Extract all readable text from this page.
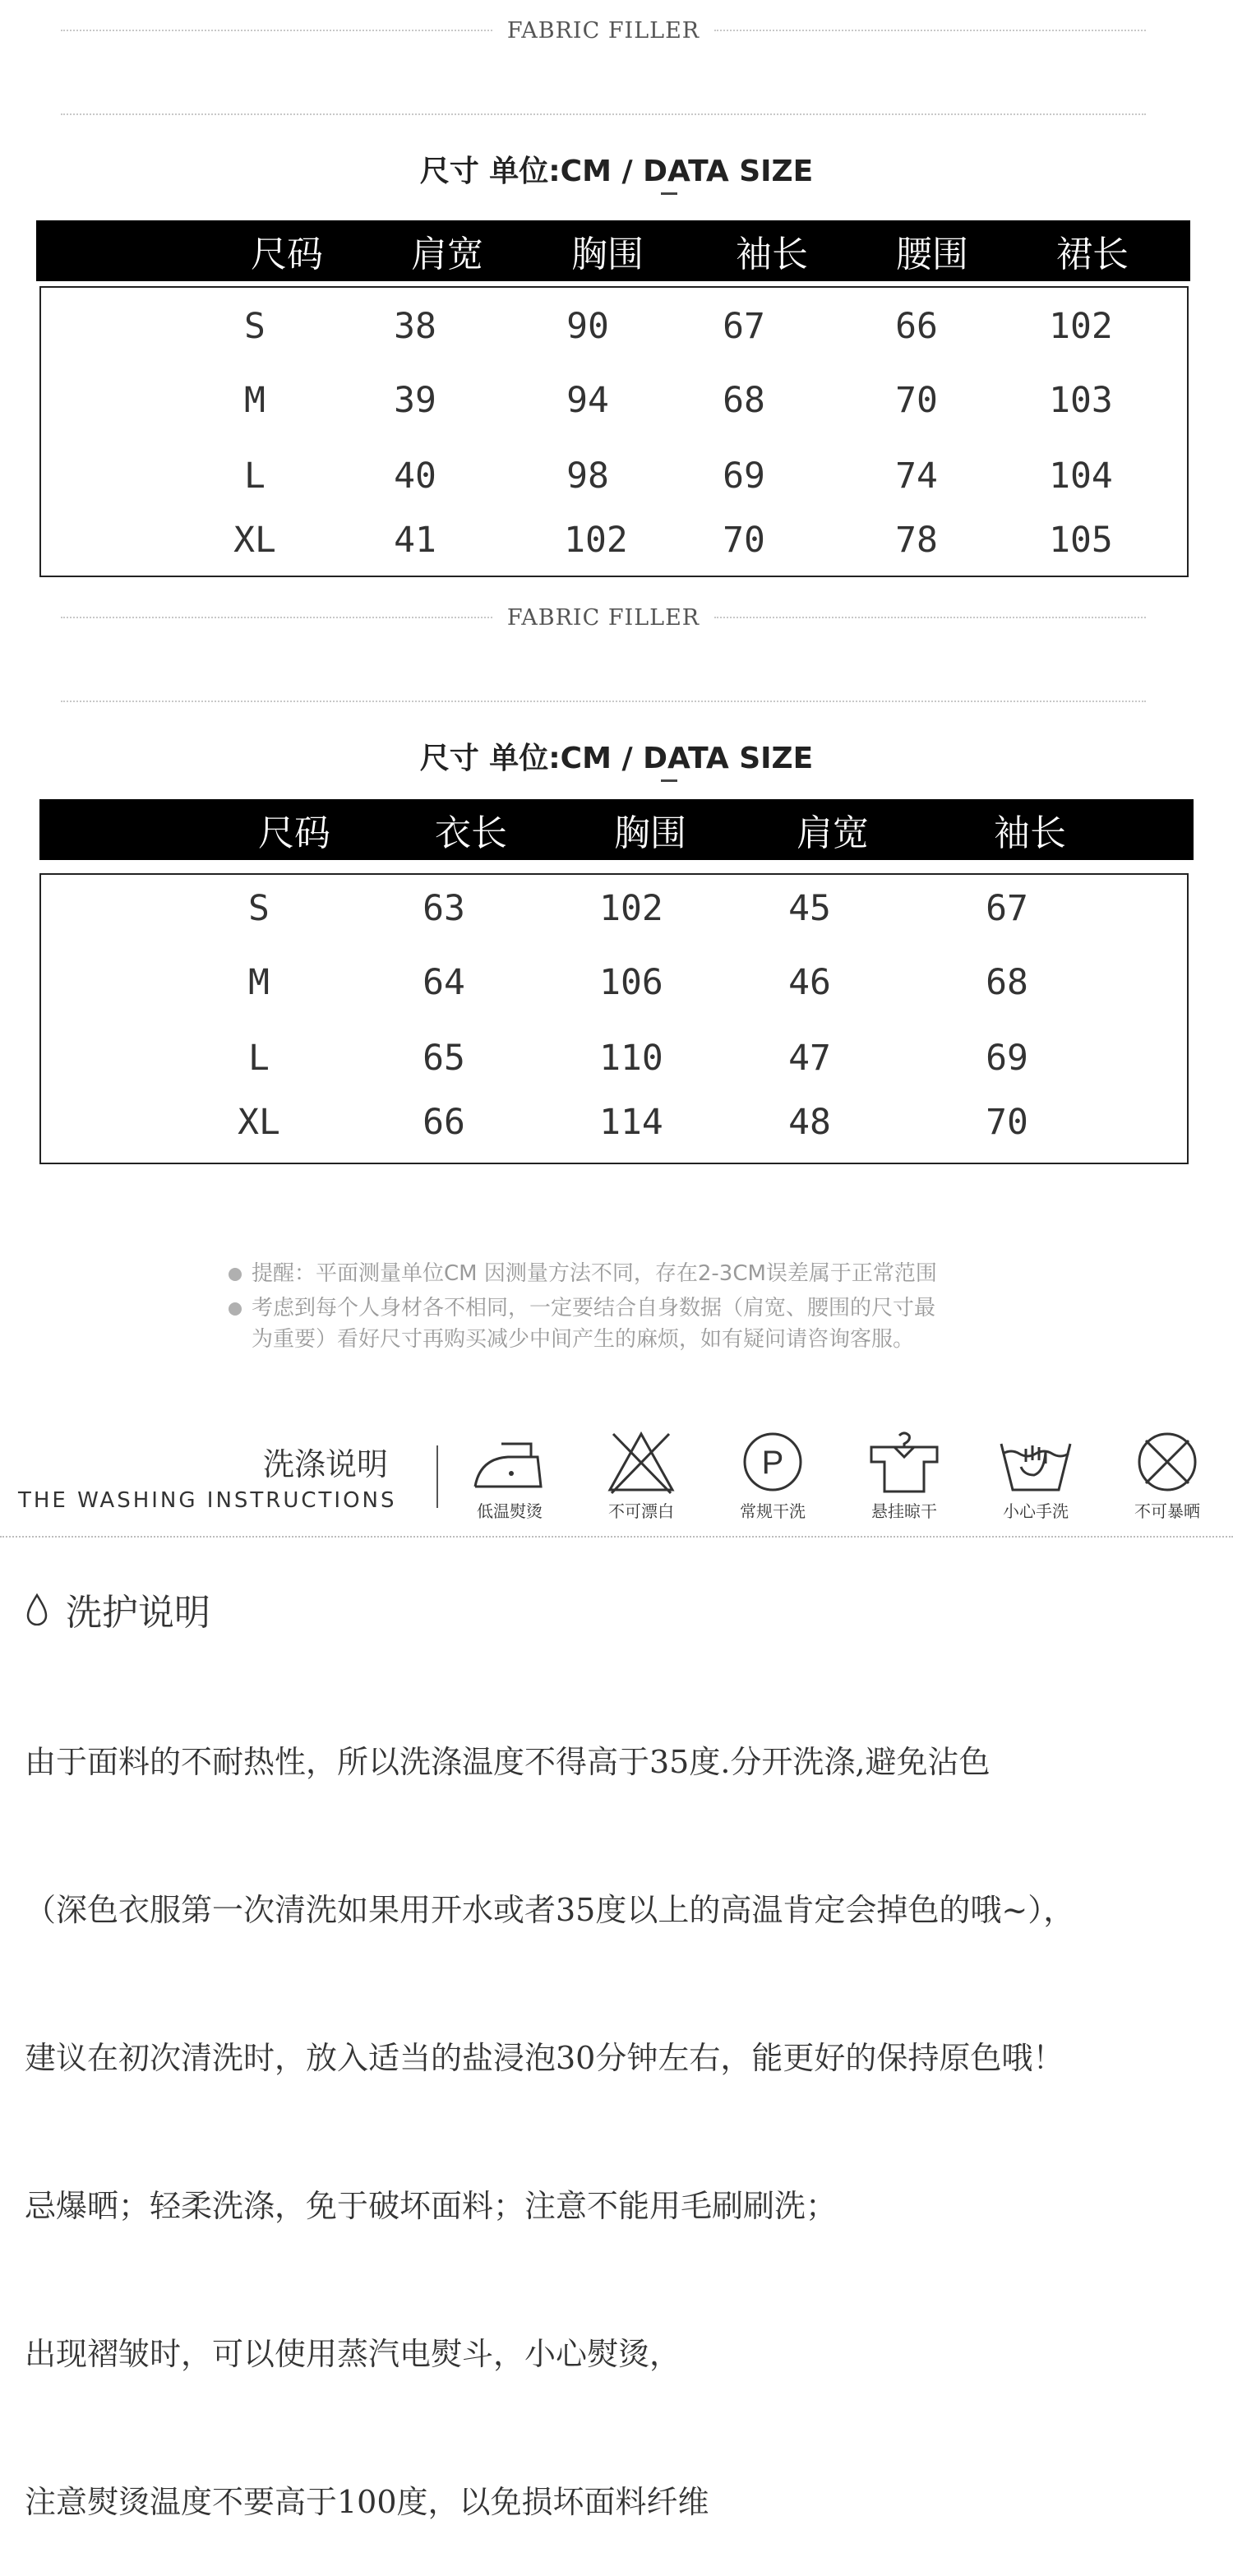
FABRIC FILLER
尺寸 单位:CM / DATA SIZE
尺码	肩宽	胸围	袖长	腰围	裙长
S	38	90	67	66	102
M	39	94	68	70	103
L	40	98	69	74	104
XL	41	102	70	78	105
FABRIC FILLER
尺寸 单位:CM / DATA SIZE
尺码	衣长	胸围	肩宽	袖长
S	63	102	45	67
M	64	106	46	68
L	65	110	47	69
XL	66	114	48	70
提醒：平面测量单位CM 因测量方法不同，存在2-3CM误差属于正常范围
考虑到每个人身材各不相同，一定要结合自身数据（肩宽、腰围的尺寸最
为重要）看好尺寸再购买减少中间产生的麻烦，如有疑问请咨询客服。
洗涤说明
THE WASHING INSTRUCTIONS	低温熨烫	不可漂白
P
常规干洗	悬挂晾干	小心手洗	不可暴晒
洗护说明

由于面料的不耐热性，所以洗涤温度不得高于35度.分开洗涤,避免沾色

（深色衣服第一次清洗如果用开水或者35度以上的高温肯定会掉色的哦~），

建议在初次清洗时，放入适当的盐浸泡30分钟左右，能更好的保持原色哦！

忌爆晒；轻柔洗涤，免于破坏面料；注意不能用毛刷刷洗；

出现褶皱时，可以使用蒸汽电熨斗，小心熨烫，

注意熨烫温度不要高于100度，以免损坏面料纤维
